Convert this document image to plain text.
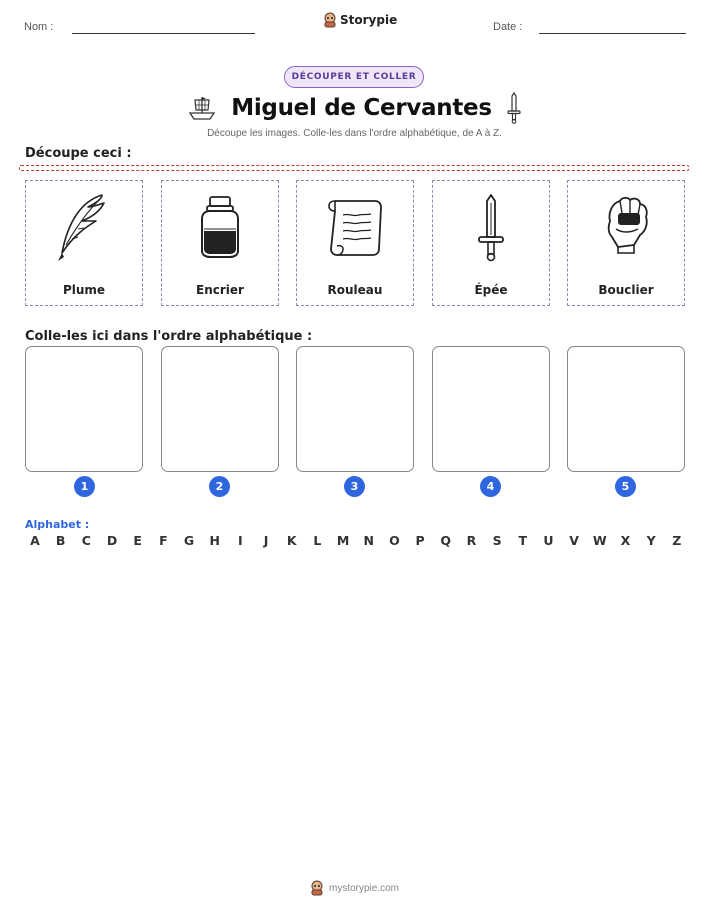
Nom :	Storypie	Date :
DÉCOUPER ET COLLER
Miguel de Cervantes
Découpe les images. Colle-les dans l'ordre alphabétique, de A à Z.
Découpe ceci :
Plume	Encrier	Rouleau	Épée	Bouclier
Colle-les ici dans l'ordre alphabétique :
1	2	3	4	5
Alphabet :
A	B	C	D	E	F	G	H	I	J	K	L	M	N	O	P	Q	R	S	T	U	V	W	X	Y	Z
mystorypie.com
